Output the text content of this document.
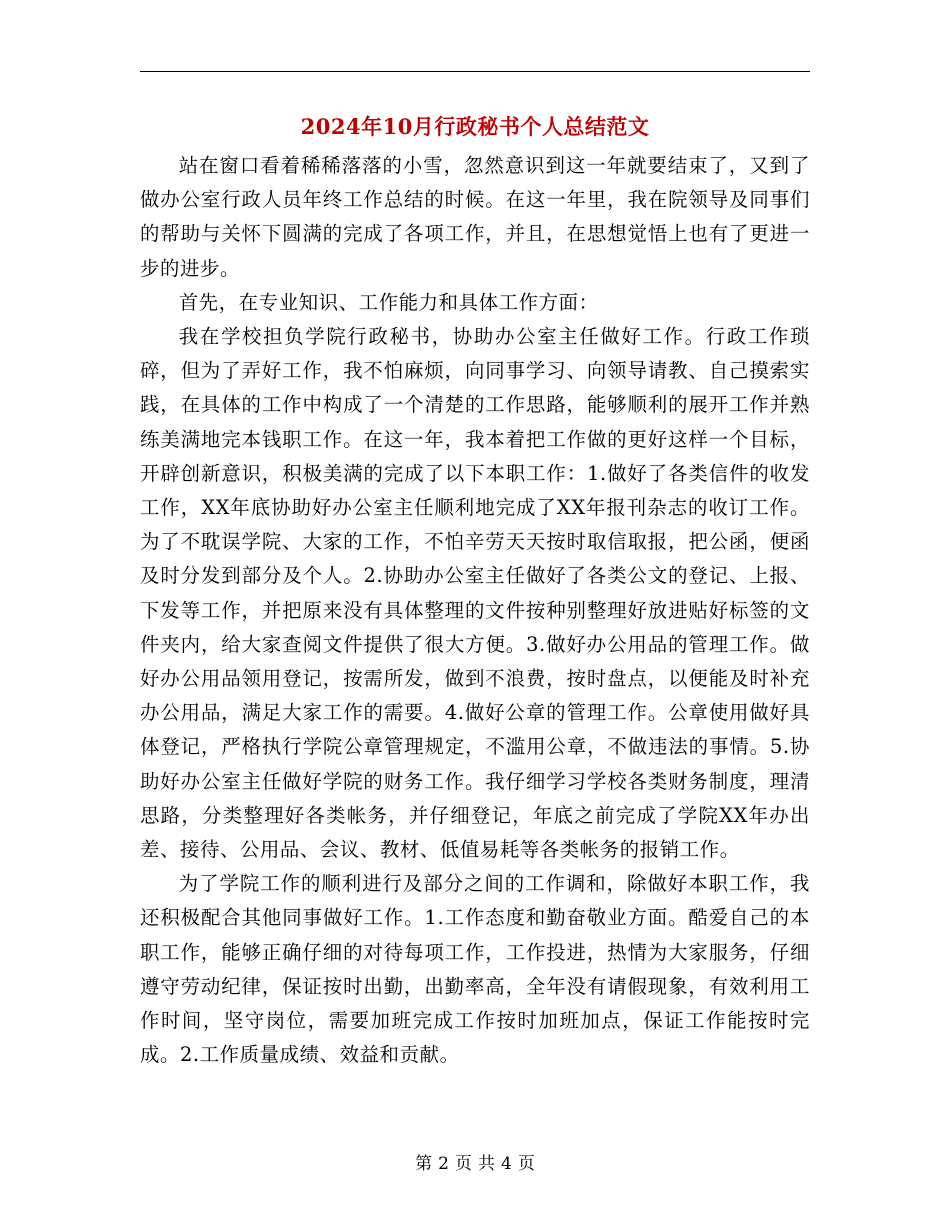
2024年10月行政秘书个人总结范文

站在窗口看着稀稀落落的小雪，忽然意识到这一年就要结束了，又到了做办公室行政人员年终工作总结的时候。在这一年里，我在院领导及同事们的帮助与关怀下圆满的完成了各项工作，并且，在思想觉悟上也有了更进一步的进步。

首先，在专业知识、工作能力和具体工作方面：

我在学校担负学院行政秘书，协助办公室主任做好工作。行政工作琐碎，但为了弄好工作，我不怕麻烦，向同事学习、向领导请教、自己摸索实践，在具体的工作中构成了一个清楚的工作思路，能够顺利的展开工作并熟练美满地完本钱职工作。在这一年，我本着把工作做的更好这样一个目标，开辟创新意识，积极美满的完成了以下本职工作：1.做好了各类信件的收发工作，XX年底协助好办公室主任顺利地完成了XX年报刊杂志的收订工作。为了不耽误学院、大家的工作，不怕辛劳天天按时取信取报，把公函，便函及时分发到部分及个人。2.协助办公室主任做好了各类公文的登记、上报、下发等工作，并把原来没有具体整理的文件按种别整理好放进贴好标签的文件夹内，给大家查阅文件提供了很大方便。3.做好办公用品的管理工作。做好办公用品领用登记，按需所发，做到不浪费，按时盘点，以便能及时补充办公用品，满足大家工作的需要。4.做好公章的管理工作。公章使用做好具体登记，严格执行学院公章管理规定，不滥用公章，不做违法的事情。5.协助好办公室主任做好学院的财务工作。我仔细学习学校各类财务制度，理清思路，分类整理好各类帐务，并仔细登记，年底之前完成了学院XX年办出差、接待、公用品、会议、教材、低值易耗等各类帐务的报销工作。

为了学院工作的顺利进行及部分之间的工作调和，除做好本职工作，我还积极配合其他同事做好工作。1.工作态度和勤奋敬业方面。酷爱自己的本职工作，能够正确仔细的对待每项工作，工作投进，热情为大家服务，仔细遵守劳动纪律，保证按时出勤，出勤率高，全年没有请假现象，有效利用工作时间，坚守岗位，需要加班完成工作按时加班加点，保证工作能按时完成。2.工作质量成绩、效益和贡献。

第 2 页 共 4 页
